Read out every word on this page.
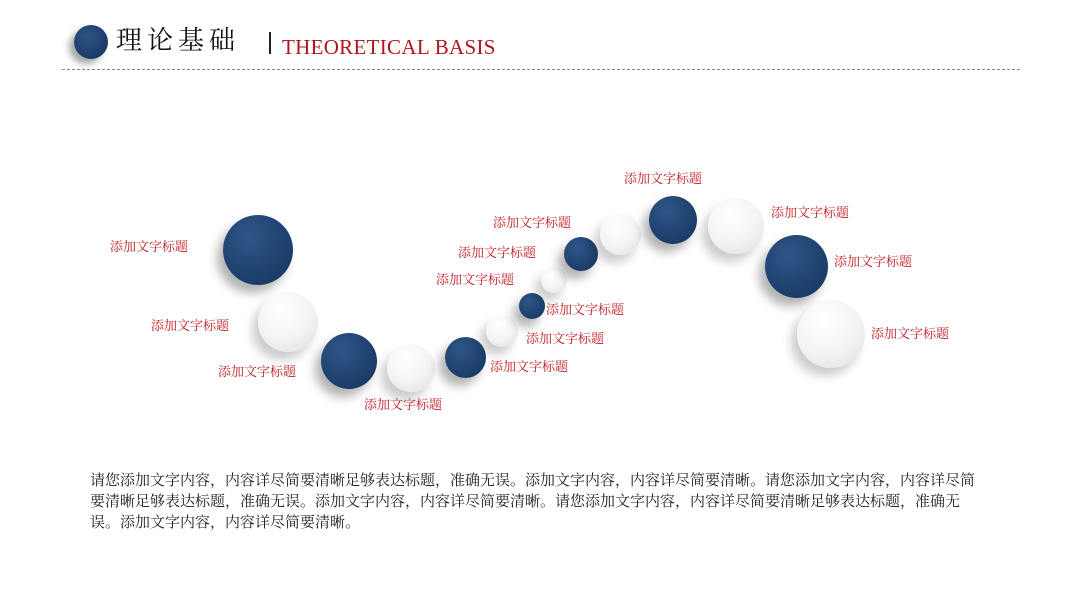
理论基础 THEORETICAL BASIS
添加文字标题
添加文字标题
添加文字标题
添加文字标题
添加文字标题
添加文字标题
添加文字标题
添加文字标题
添加文字标题
添加文字标题
添加文字标题
添加文字标题
添加文字标题
添加文字标题
请您添加文字内容，内容详尽简要清晰足够表达标题，准确无误。添加文字内容，内容详尽简要清晰。请您添加文字内容，内容详尽简要清晰足够表达标题，准确无误。添加文字内容，内容详尽简要清晰。请您添加文字内容，内容详尽简要清晰足够表达标题，准确无误。添加文字内容，内容详尽简要清晰。
